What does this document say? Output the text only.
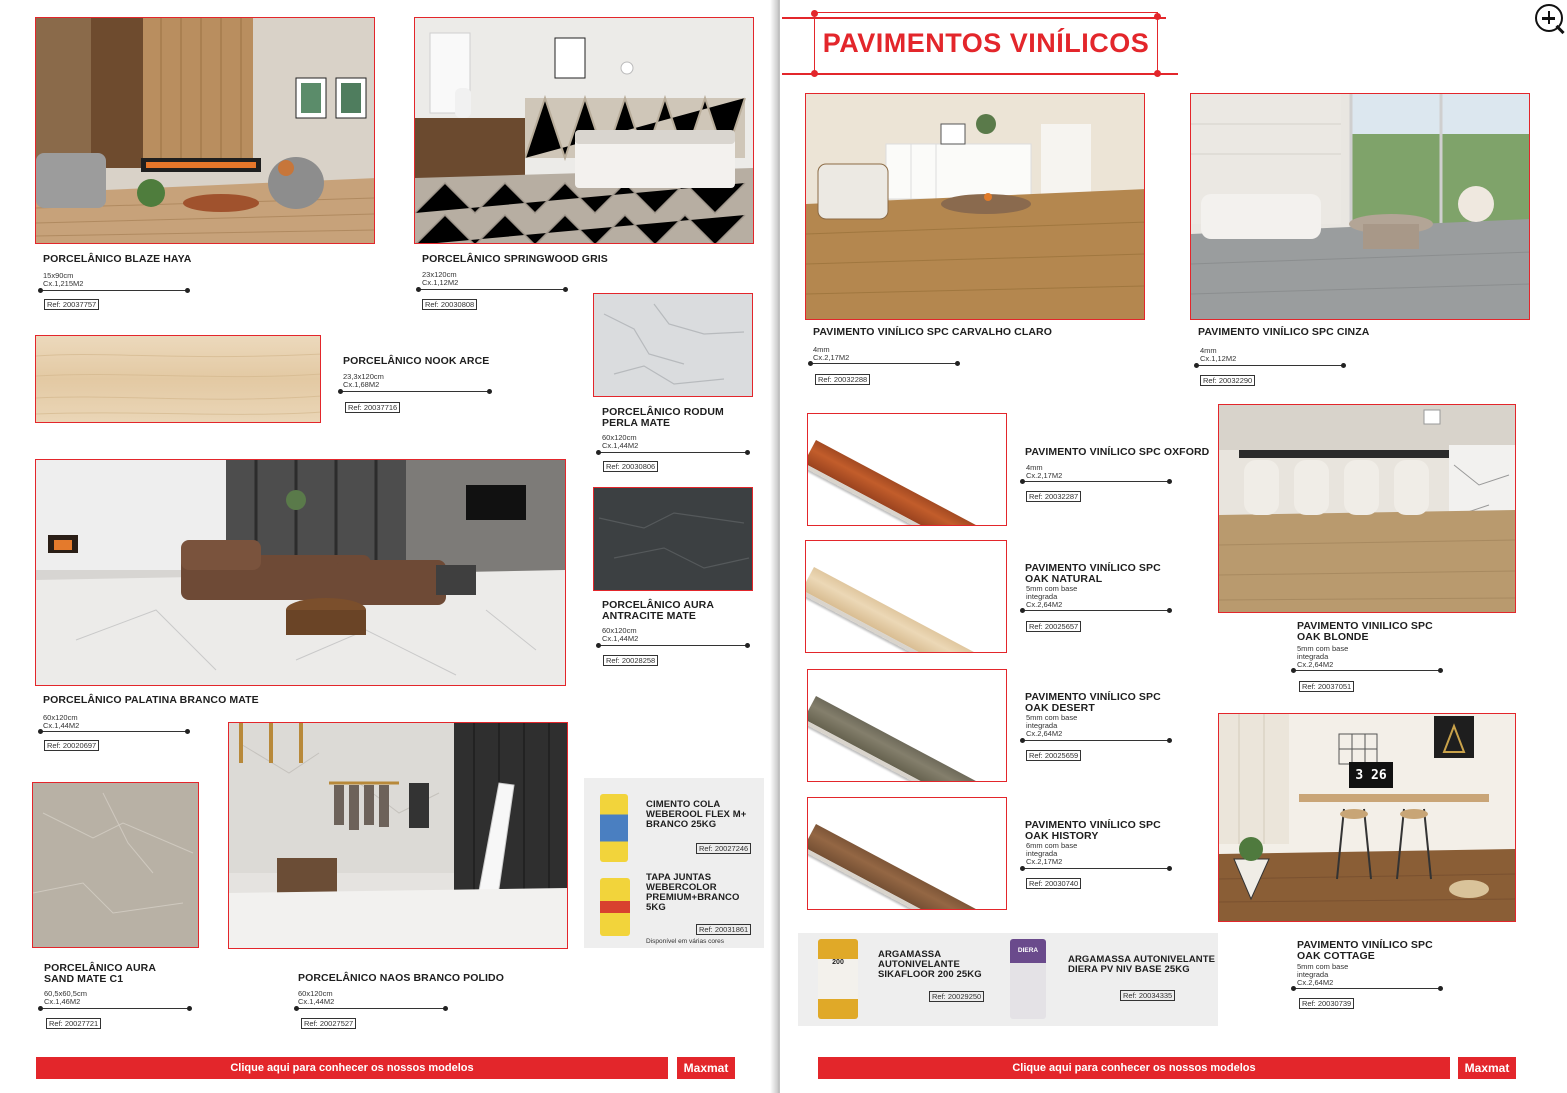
PORCELÂNICO BLAZE HAYA
15x90cm
Cx.1,215M2
Ref: 20037757
PORCELÂNICO SPRINGWOOD GRIS
23x120cm
Cx.1,12M2
Ref: 20030808
PORCELÂNICO NOOK ARCE
23,3x120cm
Cx.1,68M2
Ref: 20037716	PORCELÂNICO RODUM PERLA MATE
60x120cm
Cx.1,44M2
Ref: 20030806
PORCELÂNICO PALATINA BRANCO MATE
60x120cm
Cx.1,44M2
Ref: 20020697
PORCELÂNICO AURA ANTRACITE MATE
60x120cm
Cx.1,44M2
Ref: 20028258
PORCELÂNICO AURA SAND MATE C1
60,5x60,5cm
Cx.1,46M2
Ref: 20027721
PORCELÂNICO NAOS BRANCO POLIDO
60x120cm
Cx.1,44M2
Ref: 20027527
CIMENTO COLA WEBEROOL FLEX M+ BRANCO 25KG
Ref: 20027246
TAPA JUNTAS WEBERCOLOR PREMIUM+BRANCO 5KG
Ref: 20031861
Disponível em várias cores
Clique aqui para conhecer os nossos modelos	Maxmat
PAVIMENTOS VINÍLICOS
PAVIMENTO VINÍLICO SPC CARVALHO CLARO
4mm
Cx.2,17M2
Ref: 20032288
PAVIMENTO VINÍLICO SPC CINZA
4mm
Cx.1,12M2
Ref: 20032290
PAVIMENTO VINÍLICO SPC OXFORD
4mm
Cx.2,17M2
Ref: 20032287
PAVIMENTO VINÍLICO SPC OAK NATURAL
5mm com base
integrada
Cx.2,64M2
Ref: 20025657	PAVIMENTO VINILICO SPC OAK BLONDE
5mm com base
integrada
Cx.2,64M2
Ref: 20037051
PAVIMENTO VINÍLICO SPC OAK DESERT
5mm com base
integrada
Cx.2,64M2
Ref: 20025659
PAVIMENTO VINÍLICO SPC OAK HISTORY
6mm com base
integrada
Cx.2,17M2
Ref: 20030740
3 26
PAVIMENTO VINÍLICO SPC OAK COTTAGE
5mm com base
integrada
Cx.2,64M2
Ref: 20030739
200
ARGAMASSA AUTONIVELANTE SIKAFLOOR 200 25KG
Ref: 20029250
DIERA
ARGAMASSA AUTONIVELANTE DIERA PV NIV BASE 25KG
Ref: 20034335
Clique aqui para conhecer os nossos modelos	Maxmat
